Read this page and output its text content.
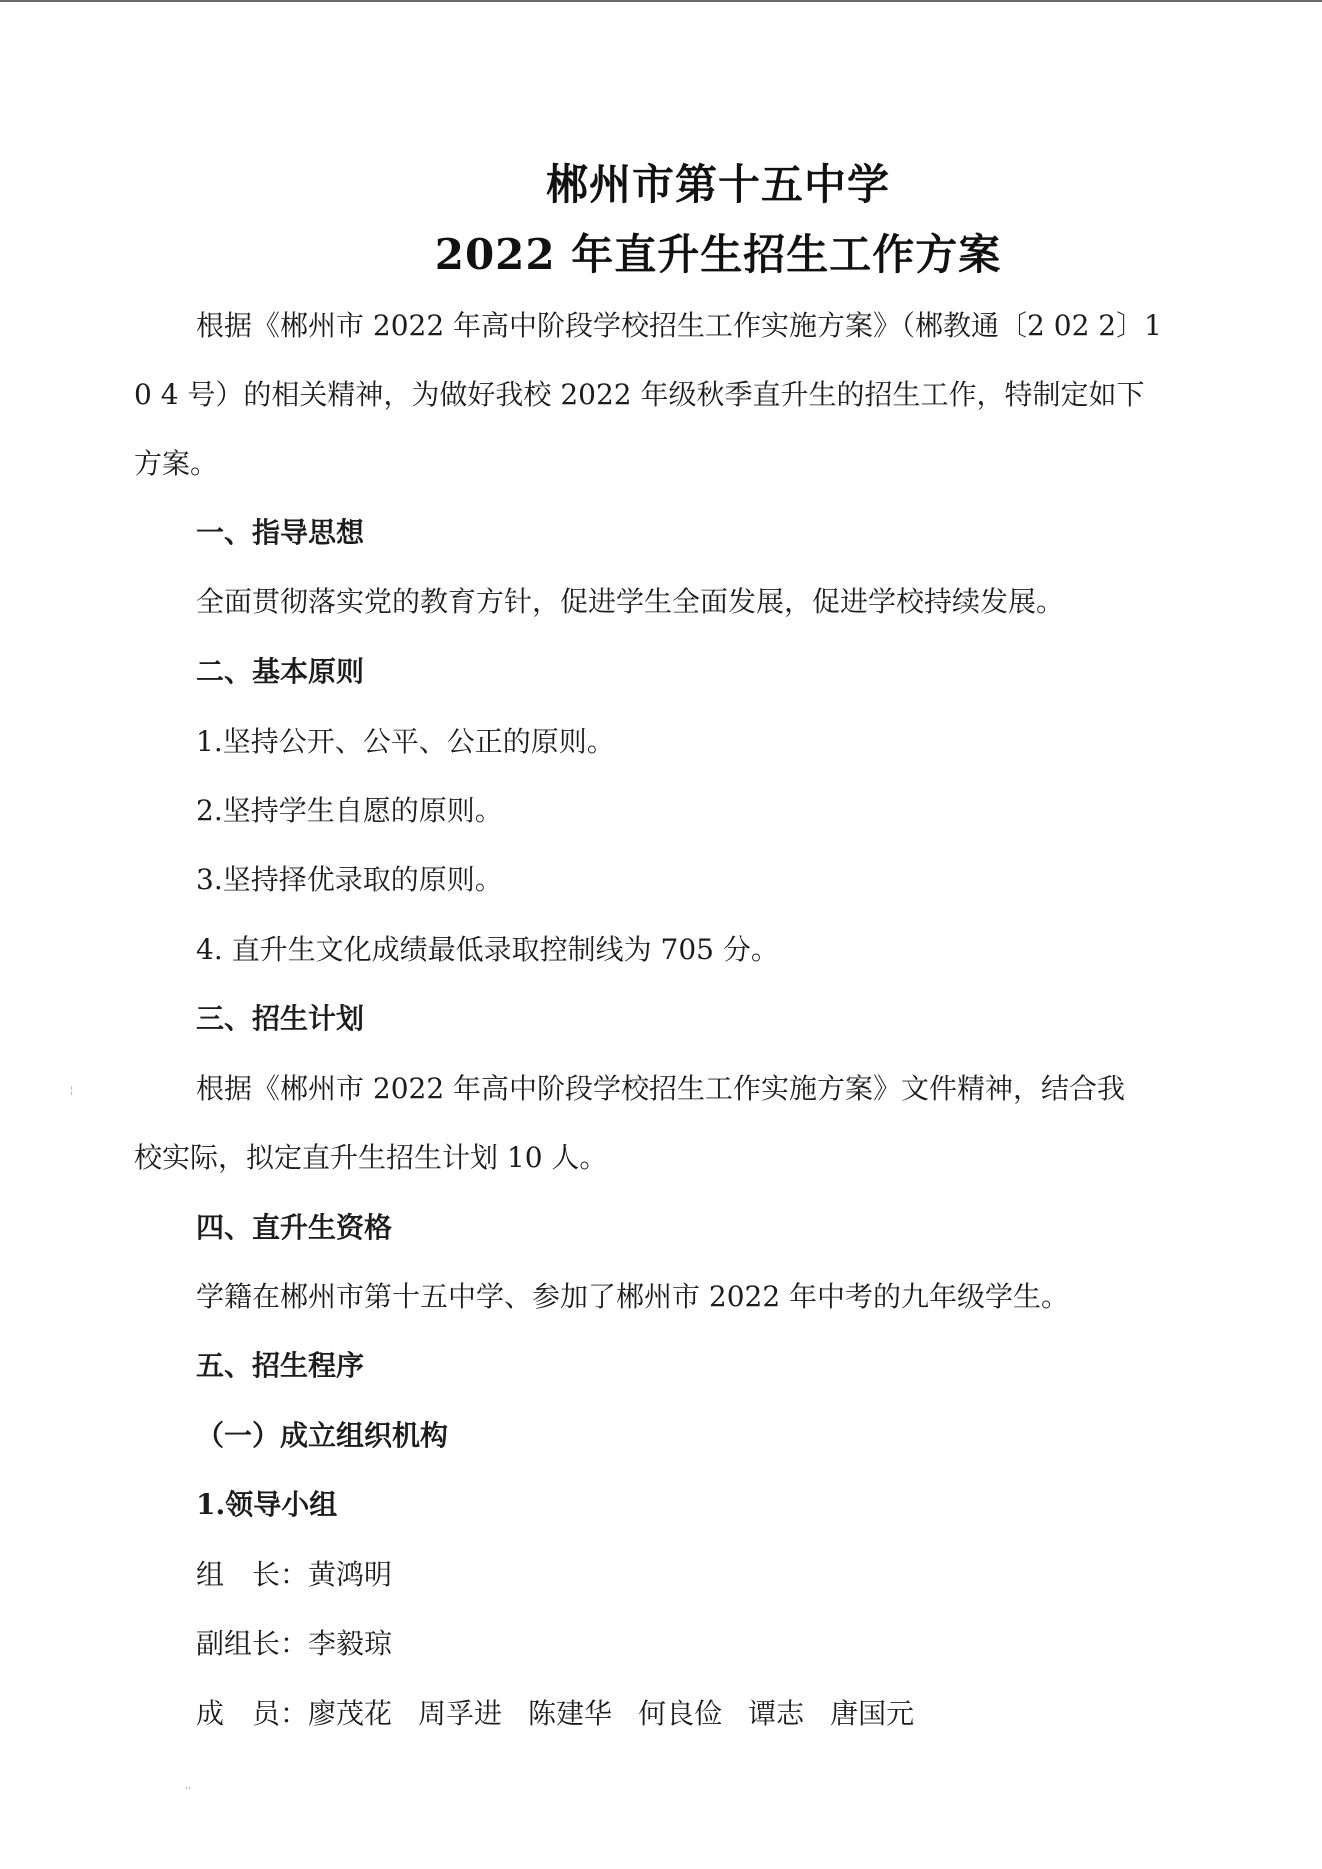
郴州市第十五中学
2022 年直升生招生工作方案
根据《郴州市 2022 年高中阶段学校招生工作实施方案》（郴教通〔2 02 2〕1
0 4 号）的相关精神，为做好我校 2022 年级秋季直升生的招生工作，特制定如下
方案。
一、指导思想
全面贯彻落实党的教育方针，促进学生全面发展，促进学校持续发展。
二、基本原则
1.坚持公开、公平、公正的原则。
2.坚持学生自愿的原则。
3.坚持择优录取的原则。
4. 直升生文化成绩最低录取控制线为 705 分。
三、招生计划
根据《郴州市 2022 年高中阶段学校招生工作实施方案》文件精神，结合我
校实际，拟定直升生招生计划 10 人。
四、直升生资格
学籍在郴州市第十五中学、参加了郴州市 2022 年中考的九年级学生。
五、招生程序
（一）成立组织机构
1.领导小组
组　长：黄鸿明
副组长：李毅琼
成　员：廖茂花 周孚进 陈建华 何良俭 谭志 唐国元
¦
,,
